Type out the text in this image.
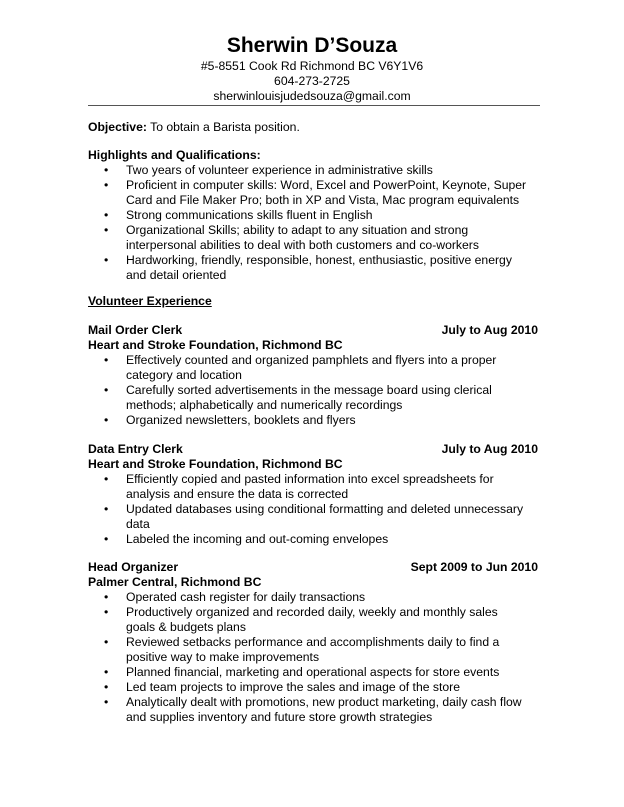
Sherwin D’Souza
#5-8551 Cook Rd Richmond BC V6Y1V6
604-273-2725
sherwinlouisjudedsouza@gmail.com
Objective: To obtain a Barista position.
Highlights and Qualifications:
• Two years of volunteer experience in administrative skills
• Proficient in computer skills: Word, Excel and PowerPoint, Keynote, Super
Card and File Maker Pro; both in XP and Vista, Mac program equivalents
• Strong communications skills fluent in English
• Organizational Skills; ability to adapt to any situation and strong
interpersonal abilities to deal with both customers and co-workers
• Hardworking, friendly, responsible, honest, enthusiastic, positive energy
and detail oriented
Volunteer Experience
Mail Order Clerk	July to Aug 2010
Heart and Stroke Foundation, Richmond BC
• Effectively counted and organized pamphlets and flyers into a proper
category and location
• Carefully sorted advertisements in the message board using clerical
methods; alphabetically and numerically recordings
• Organized newsletters, booklets and flyers
Data Entry Clerk	July to Aug 2010
Heart and Stroke Foundation, Richmond BC
• Efficiently copied and pasted information into excel spreadsheets for
analysis and ensure the data is corrected
• Updated databases using conditional formatting and deleted unnecessary
data
• Labeled the incoming and out-coming envelopes
Head Organizer	Sept 2009 to Jun 2010
Palmer Central, Richmond BC
• Operated cash register for daily transactions
• Productively organized and recorded daily, weekly and monthly sales
goals & budgets plans
• Reviewed setbacks performance and accomplishments daily to find a
positive way to make improvements
• Planned financial, marketing and operational aspects for store events
• Led team projects to improve the sales and image of the store
• Analytically dealt with promotions, new product marketing, daily cash flow
and supplies inventory and future store growth strategies
